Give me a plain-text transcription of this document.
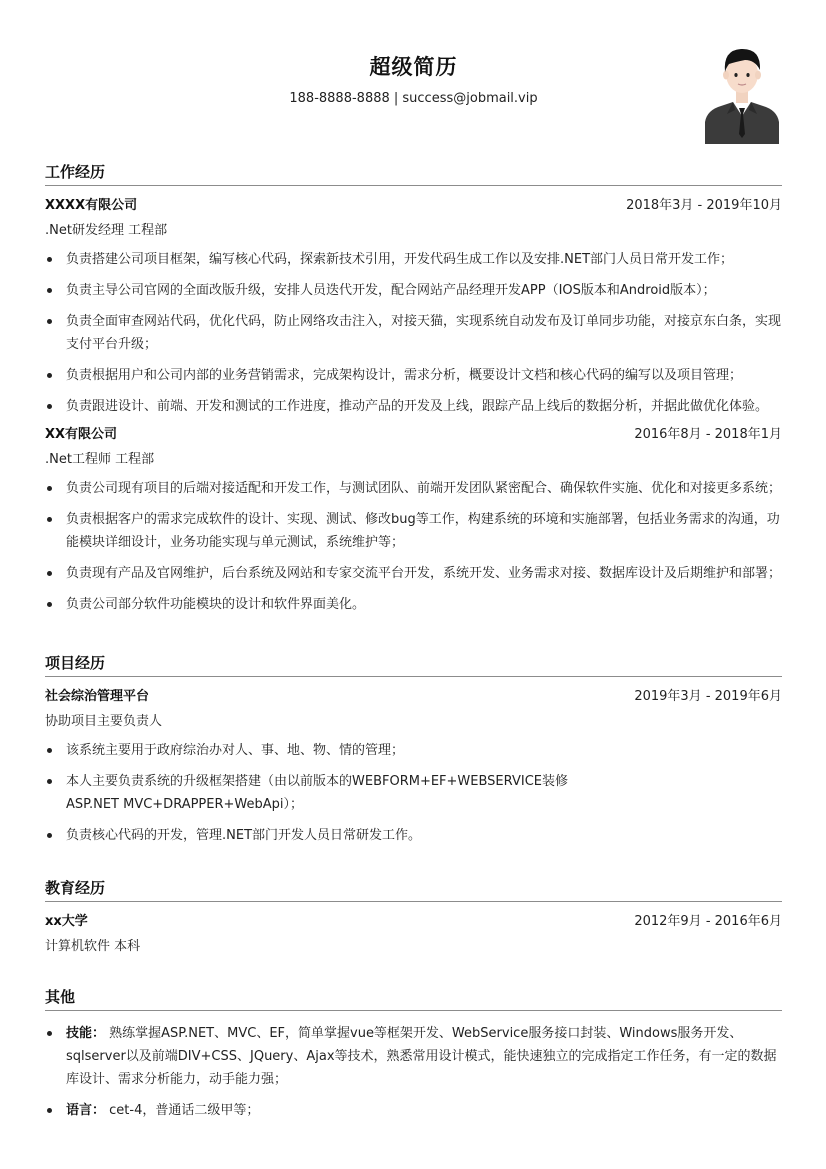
超级简历
188-8888-8888 | success@jobmail.vip
工作经历
XXXX有限公司	2018年3月 - 2019年10月
.Net研发经理 工程部
负责搭建公司项目框架，编写核心代码，探索新技术引用，开发代码生成工作以及安排.NET部门人员日常开发工作；
负责主导公司官网的全面改版升级，安排人员迭代开发，配合网站产品经理开发APP（IOS版本和Android版本）；
负责全面审查网站代码，优化代码，防止网络攻击注入，对接天猫，实现系统自动发布及订单同步功能，对接京东白条，实现支付平台升级；
负责根据用户和公司内部的业务营销需求，完成架构设计，需求分析，概要设计文档和核心代码的编写以及项目管理；
负责跟进设计、前端、开发和测试的工作进度，推动产品的开发及上线，跟踪产品上线后的数据分析，并据此做优化体验。
XX有限公司	2016年8月 - 2018年1月
.Net工程师 工程部
负责公司现有项目的后端对接适配和开发工作，与测试团队、前端开发团队紧密配合、确保软件实施、优化和对接更多系统；
负责根据客户的需求完成软件的设计、实现、测试、修改bug等工作，构建系统的环境和实施部署，包括业务需求的沟通，功能模块详细设计，业务功能实现与单元测试，系统维护等；
负责现有产品及官网维护，后台系统及网站和专家交流平台开发，系统开发、业务需求对接、数据库设计及后期维护和部署；
负责公司部分软件功能模块的设计和软件界面美化。
项目经历
社会综治管理平台	2019年3月 - 2019年6月
协助项目主要负责人
该系统主要用于政府综治办对人、事、地、物、情的管理；
本人主要负责系统的升级框架搭建（由以前版本的WEBFORM+EF+WEBSERVICE装修ASP.NET MVC+DRAPPER+WebApi）；
负责核心代码的开发，管理.NET部门开发人员日常研发工作。
教育经历
xx大学	2012年9月 - 2016年6月
计算机软件 本科
其他
技能： 熟练掌握ASP.NET、MVC、EF，简单掌握vue等框架开发、WebService服务接口封装、Windows服务开发、sqlserver以及前端DIV+CSS、JQuery、Ajax等技术，熟悉常用设计模式，能快速独立的完成指定工作任务，有一定的数据库设计、需求分析能力，动手能力强；
语言： cet-4，普通话二级甲等；
